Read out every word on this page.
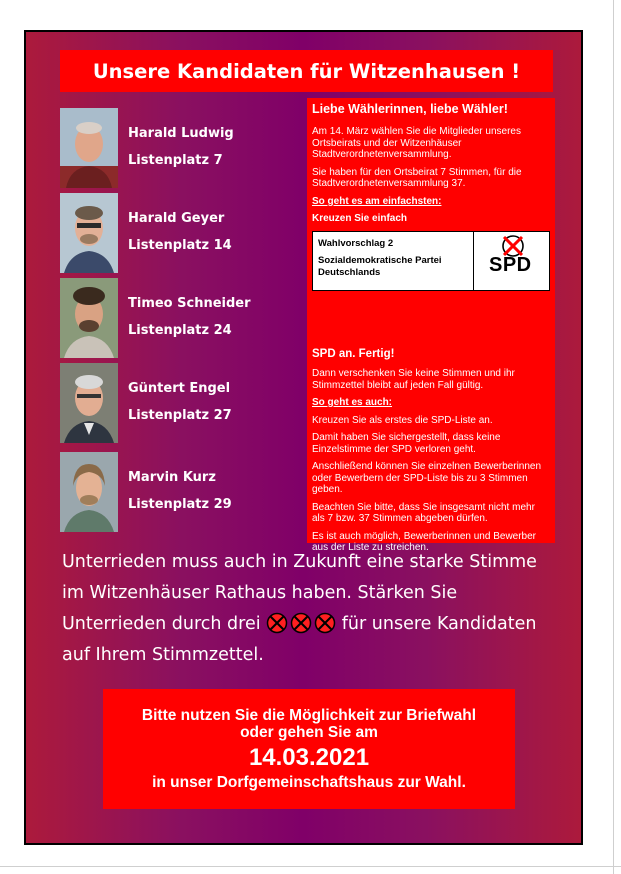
Unsere Kandidaten für Witzenhausen !
Harald Ludwig
Listenplatz 7
Harald Geyer
Listenplatz 14
Timeo Schneider
Listenplatz 24
Güntert Engel
Listenplatz 27
Marvin Kurz
Listenplatz 29
Liebe Wählerinnen, liebe Wähler!

Am 14. März wählen Sie die Mitglieder unseres Ortsbeirats und der Witzenhäuser Stadtverordnetenversammlung.

Sie haben für den Ortsbeirat 7 Stimmen, für die Stadtverordnetenversammlung 37.

So geht es am einfachsten:

Kreuzen Sie einfach

Wahlvorschlag 2
Sozialdemokratische Partei Deutschlands	SPD

SPD an. Fertig!

Dann verschenken Sie keine Stimmen und ihr Stimmzettel bleibt auf jeden Fall gültig.

So geht es auch:

Kreuzen Sie als erstes die SPD-Liste an.

Damit haben Sie sichergestellt, dass keine Einzelstimme der SPD verloren geht.

Anschließend können Sie einzelnen Bewerberinnen oder Bewerbern der SPD-Liste bis zu 3 Stimmen geben.

Beachten Sie bitte, dass Sie insgesamt nicht mehr als 7 bzw. 37 Stimmen abgeben dürfen.

Es ist auch möglich, Bewerberinnen und Bewerber aus der Liste zu streichen.

Unterrieden muss auch in Zukunft eine starke Stimme im Witzenhäuser Rathaus haben. Stärken Sie Unterrieden durch drei	für unsere Kandidaten auf Ihrem Stimmzettel.
Bitte nutzen Sie die Möglichkeit zur Briefwahl
oder gehen Sie am
14.03.2021
in unser Dorfgemeinschaftshaus zur Wahl.
